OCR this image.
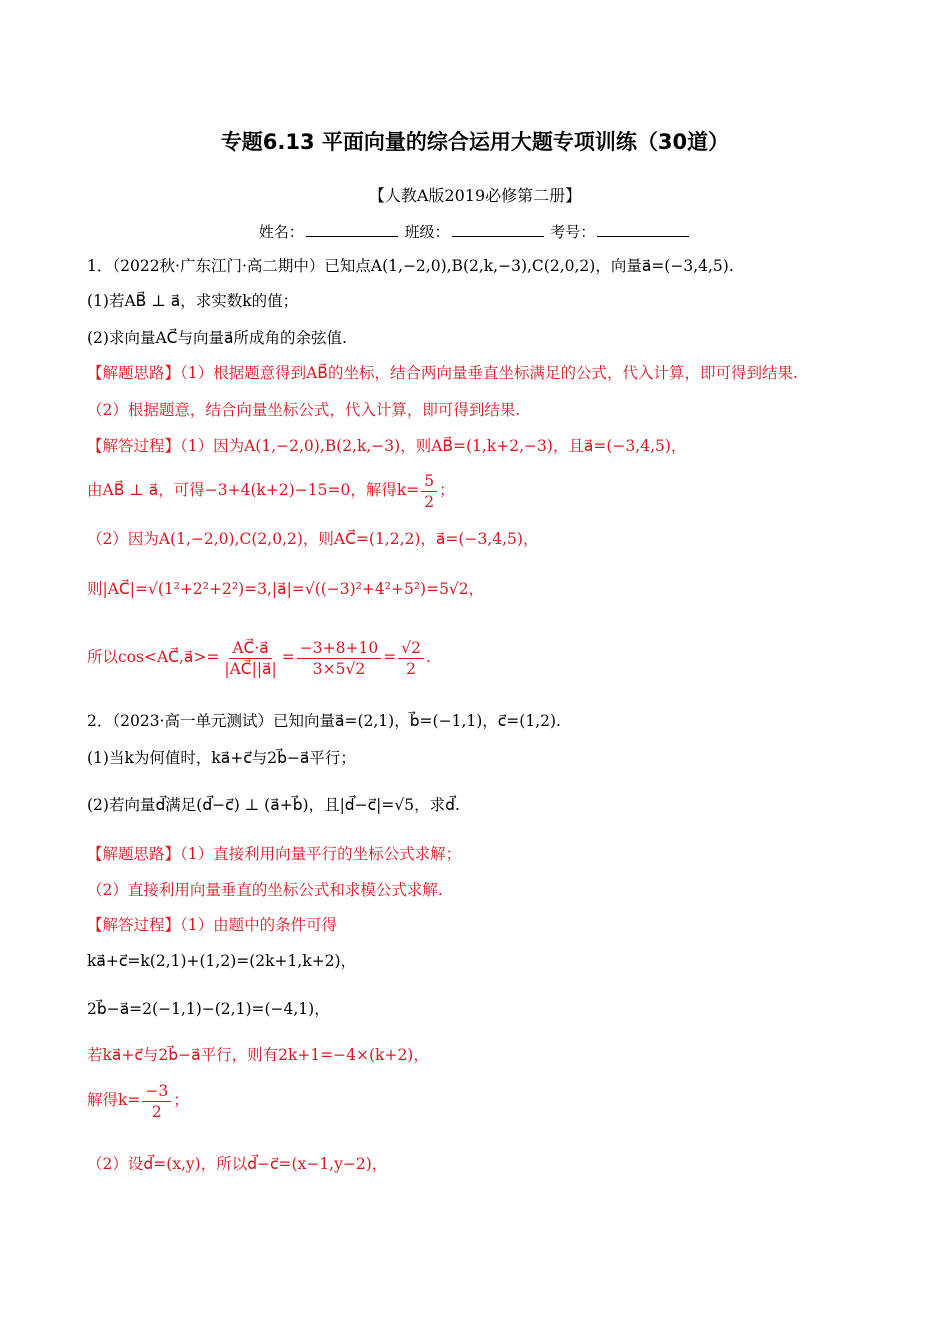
专题6.13 平面向量的综合运用大题专项训练（30道）
【人教A版2019必修第二册】
姓名：	班级：	考号：
1．（2022秋·广东江门·高二期中）已知点A(1,−2,0),B(2,k,−3),C(2,0,2)，向量a⃗=(−3,4,5).
(1)若AB⃗ ⊥ a⃗，求实数k的值；
(2)求向量AC⃗与向量a⃗所成角的余弦值.
【解题思路】（1）根据题意得到AB⃗的坐标，结合两向量垂直坐标满足的公式，代入计算，即可得到结果.
（2）根据题意，结合向量坐标公式，代入计算，即可得到结果.
【解答过程】（1）因为A(1,−2,0),B(2,k,−3)，则AB⃗=(1,k+2,−3)，且a⃗=(−3,4,5)，
由AB⃗ ⊥ a⃗，可得−3+4(k+2)−15=0，解得$k= \frac{5}{2}$ ；
（2）因为A(1,−2,0),C(2,0,2)，则AC⃗=(1,2,2)，a⃗=(−3,4,5)，
则|AC⃗|=√(1²+2²+2²)=3,|a⃗|=√((−3)²+4²+5²)=5√2，
所以cos<AC⃗,a⃗>= $\frac{AC⃗\cdot a⃗}{|AC⃗||a⃗|} = \frac{-3+8+10}{3\times 5√2} = \frac{√2}{2}$ .
2．（2023·高一单元测试）已知向量a⃗=(2,1)，b⃗=(−1,1)，c⃗=(1,2).
(1)当k为何值时，ka⃗+c⃗与2b⃗−a⃗平行；
(2)若向量d⃗满足(d⃗−c⃗) ⊥ (a⃗+b⃗)，且|d⃗−c⃗|=√5，求d⃗.
【解题思路】（1）直接利用向量平行的坐标公式求解；
（2）直接利用向量垂直的坐标公式和求模公式求解.
【解答过程】（1）由题中的条件可得
ka⃗+c⃗=k(2,1)+(1,2)=(2k+1,k+2)，
2b⃗−a⃗=2(−1,1)−(2,1)=(−4,1)，
若ka⃗+c⃗与2b⃗−a⃗平行，则有2k+1=−4×(k+2)，
解得$k= \frac{-3}{2}$ ；
（2）设d⃗=(x,y)，所以d⃗−c⃗=(x−1,y−2)，
